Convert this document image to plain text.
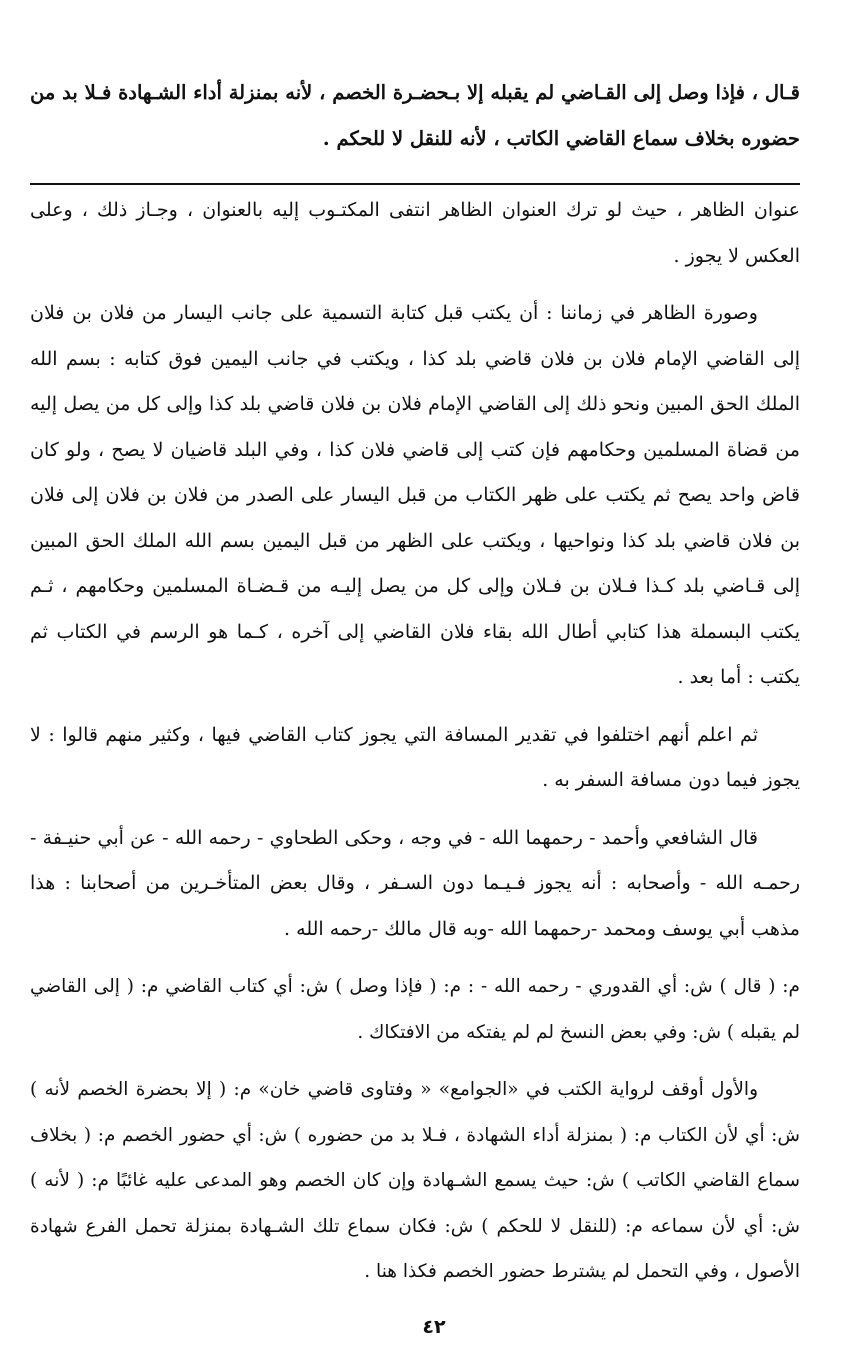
قـال ، فإذا وصل إلى القـاضي لم يقبله إلا بـحضـرة الخصم ، لأنه بمنزلة أداء الشـهادة فـلا بد من حضوره بخلاف سماع القاضي الكاتب ، لأنه للنقل لا للحكم .

عنوان الظاهر ، حيث لو ترك العنوان الظاهر انتفى المكتـوب إليه بالعنوان ، وجـاز ذلك ، وعلى العكس لا يجوز .

وصورة الظاهر في زماننا : أن يكتب قبل كتابة التسمية على جانب اليسار من فلان بن فلان إلى القاضي الإمام فلان بن فلان قاضي بلد كذا ، ويكتب في جانب اليمين فوق كتابه : بسم الله الملك الحق المبين ونحو ذلك إلى القاضي الإمام فلان بن فلان قاضي بلد كذا وإلى كل من يصل إليه من قضاة المسلمين وحكامهم فإن كتب إلى قاضي فلان كذا ، وفي البلد قاضيان لا يصح ، ولو كان قاض واحد يصح ثم يكتب على ظهر الكتاب من قبل اليسار على الصدر من فلان بن فلان إلى فلان بن فلان قاضي بلد كذا ونواحيها ، ويكتب على الظهر من قبل اليمين بسم الله الملك الحق المبين إلى قـاضي بلد كـذا فـلان بن فـلان وإلى كل من يصل إليـه من قـضـاة المسلمين وحكامهم ، ثـم يكتب البسملة هذا كتابي أطال الله بقاء فلان القاضي إلى آخره ، كـما هو الرسم في الكتاب ثم يكتب : أما بعد .

ثم اعلم أنهم اختلفوا في تقدير المسافة التي يجوز كتاب القاضي فيها ، وكثير منهم قالوا : لا يجوز فيما دون مسافة السفر به .

قال الشافعي وأحمد - رحمهما الله - في وجه ، وحكى الطحاوي - رحمه الله - عن أبي حنيـفة - رحمـه الله - وأصحابه : أنه يجوز فـيـما دون السـفر ، وقال بعض المتأخـرين من أصحابنا : هذا مذهب أبي يوسف ومحمد -رحمهما الله -وبه قال مالك -رحمه الله .

م: ( قال ) ش: أي القدوري - رحمه الله - : م: ( فإذا وصل ) ش: أي كتاب القاضي م: ( إلى القاضي لم يقبله ) ش: وفي بعض النسخ لم لم يفتكه من الافتكاك .

والأول أوقف لرواية الكتب في «الجوامع» « وفتاوى قاضي خان» م: ( إلا بحضرة الخصم لأنه ) ش: أي لأن الكتاب م: ( بمنزلة أداء الشهادة ، فـلا بد من حضوره ) ش: أي حضور الخصم م: ( بخلاف سماع القاضي الكاتب ) ش: حيث يسمع الشـهادة وإن كان الخصم وهو المدعى عليه غائبًا م: ( لأنه ) ش: أي لأن سماعه م: (للنقل لا للحكم ) ش: فكان سماع تلك الشـهادة بمنزلة تحمل الفرع شهادة الأصول ، وفي التحمل لم يشترط حضور الخصم فكذا هنا .

٤٢
